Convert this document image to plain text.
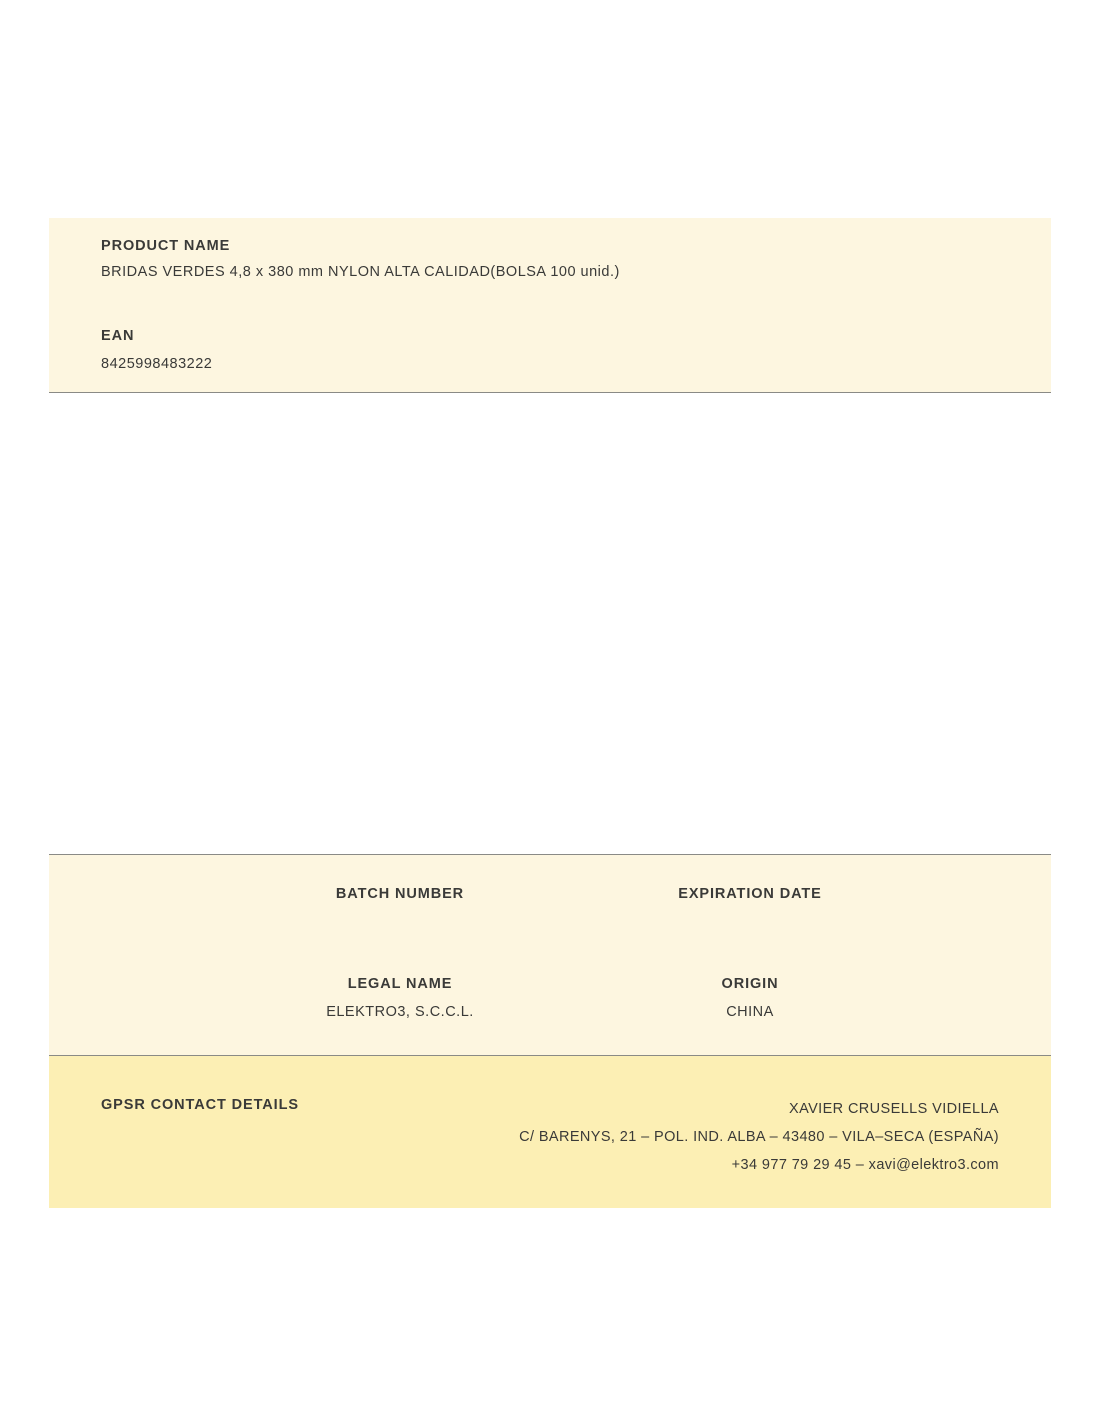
PRODUCT NAME
BRIDAS VERDES 4,8 x 380 mm NYLON ALTA CALIDAD(BOLSA 100 unid.)
EAN
8425998483222
BATCH NUMBER	EXPIRATION DATE
LEGAL NAME
ELEKTRO3, S.C.C.L.
ORIGIN
CHINA
GPSR CONTACT DETAILS	XAVIER CRUSELLS VIDIELLA
C/ BARENYS, 21 – POL. IND. ALBA – 43480 – VILA–SECA (ESPAÑA)
+34 977 79 29 45 – xavi@elektro3.com
